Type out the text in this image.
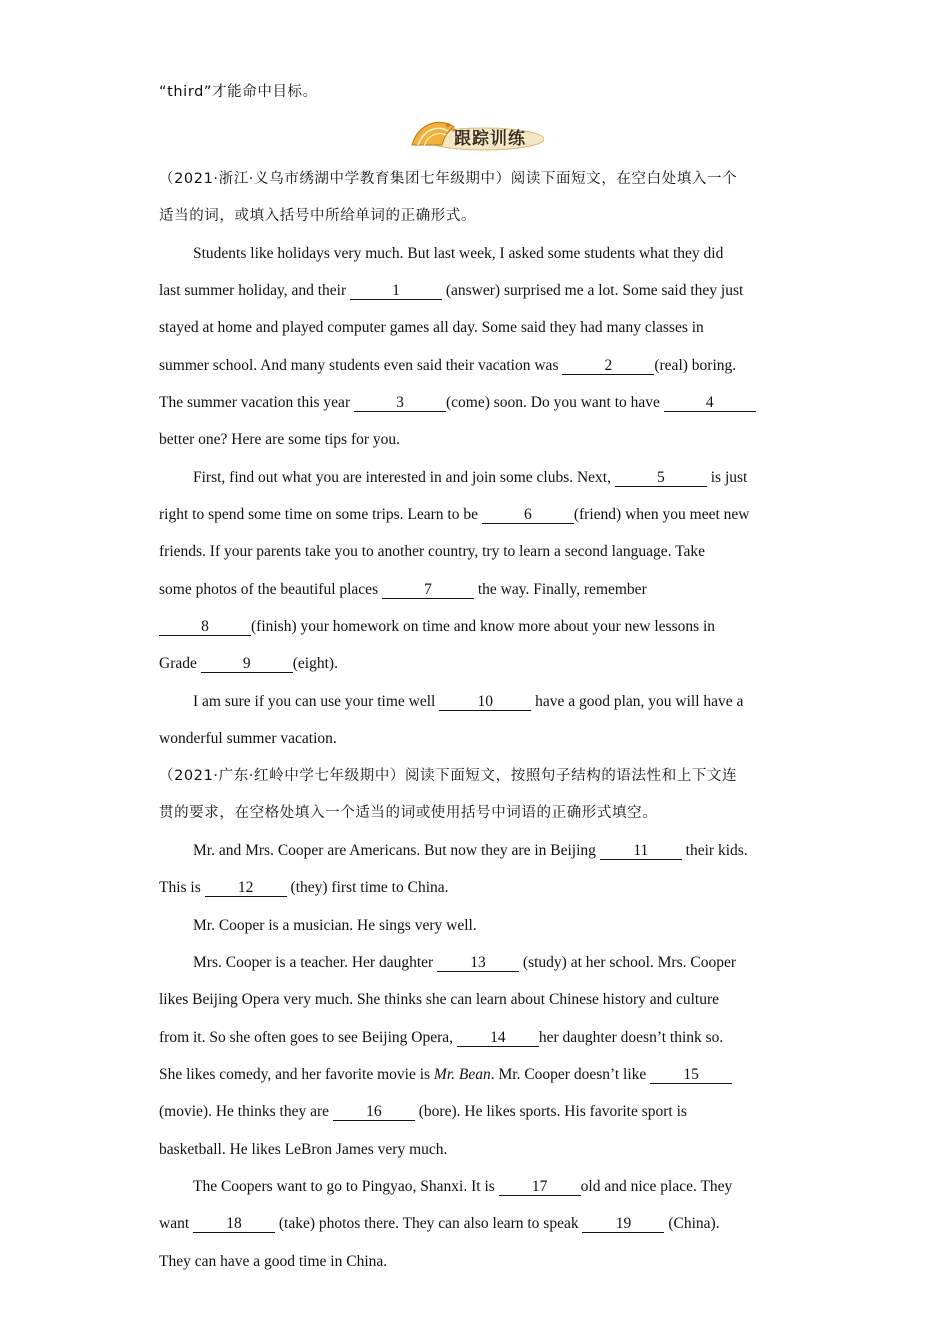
“third”才能命中目标。
跟踪训练
（2021·浙江·义乌市绣湖中学教育集团七年级期中）阅读下面短文，在空白处填入一个
适当的词，或填入括号中所给单词的正确形式。
Students like holidays very much. But last week, I asked some students what they did
last summer holiday, and their	1	(answer) surprised me a lot. Some said they just
stayed at home and played computer games all day. Some said they had many classes in
summer school. And many students even said their vacation was	2	(real) boring.
The summer vacation this year	3	(come) soon. Do you want to have	4
better one? Here are some tips for you.
First, find out what you are interested in and join some clubs. Next,	5	is just
right to spend some time on some trips. Learn to be	6	(friend) when you meet new
friends. If your parents take you to another country, try to learn a second language. Take
some photos of the beautiful places	7	the way. Finally, remember
8	(finish) your homework on time and know more about your new lessons in
Grade	9	(eight).
I am sure if you can use your time well 10 have a good plan, you will have a
wonderful summer vacation.
（2021·广东·红岭中学七年级期中）阅读下面短文，按照句子结构的语法性和上下文连
贯的要求，在空格处填入一个适当的词或使用括号中词语的正确形式填空。
Mr. and Mrs. Cooper are Americans. But now they are in Beijing 11 their kids.
This is 12 (they) first time to China.
Mr. Cooper is a musician. He sings very well.
Mrs. Cooper is a teacher. Her daughter 13 (study) at her school. Mrs. Cooper
likes Beijing Opera very much. She thinks she can learn about Chinese history and culture
from it. So she often goes to see Beijing Opera, 14 her daughter doesn’t think so.
She likes comedy, and her favorite movie is Mr. Bean. Mr. Cooper doesn’t like 15
(movie). He thinks they are 16 (bore). He likes sports. His favorite sport is
basketball. He likes LeBron James very much.
The Coopers want to go to Pingyao, Shanxi. It is 17 old and nice place. They
want 18 (take) photos there. They can also learn to speak 19 (China).
They can have a good time in China.
